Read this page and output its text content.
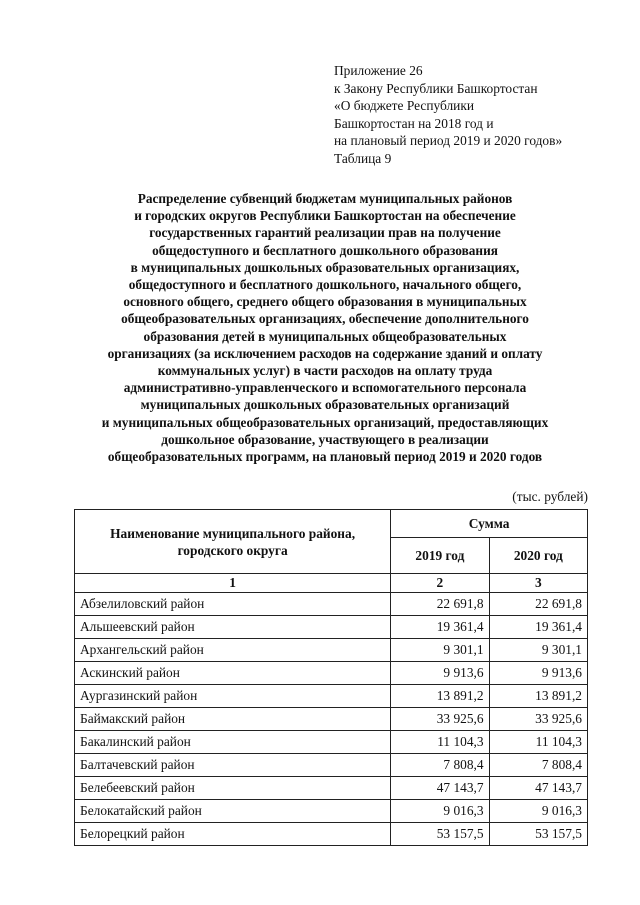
Приложение 26
к Закону Республики Башкортостан
«О бюджете Республики
Башкортостан на 2018 год и
на плановый период 2019 и 2020 годов»
Таблица 9
Распределение субвенций бюджетам муниципальных районов
и городских округов Республики Башкортостан на обеспечение
государственных гарантий реализации прав на получение
общедоступного и бесплатного дошкольного образования
в муниципальных дошкольных образовательных организациях,
общедоступного и бесплатного дошкольного, начального общего,
основного общего, среднего общего образования в муниципальных
общеобразовательных организациях, обеспечение дополнительного
образования детей в муниципальных общеобразовательных
организациях (за исключением расходов на содержание зданий и оплату
коммунальных услуг) в части расходов на оплату труда
административно-управленческого и вспомогательного персонала
муниципальных дошкольных образовательных организаций
и муниципальных общеобразовательных организаций, предоставляющих
дошкольное образование, участвующего в реализации
общеобразовательных программ, на плановый период 2019 и 2020 годов
(тыс. рублей)
Наименование муниципального района,
городского округа	Сумма	
	2019 год	2020 год
1	2	3
Абзелиловский район	22 691,8	22 691,8
Альшеевский район	19 361,4	19 361,4
Архангельский район	9 301,1	9 301,1
Аскинский район	9 913,6	9 913,6
Аургазинский район	13 891,2	13 891,2
Баймакский район	33 925,6	33 925,6
Бакалинский район	11 104,3	11 104,3
Балтачевский район	7 808,4	7 808,4
Белебеевский район	47 143,7	47 143,7
Белокатайский район	9 016,3	9 016,3
Белорецкий район	53 157,5	53 157,5
